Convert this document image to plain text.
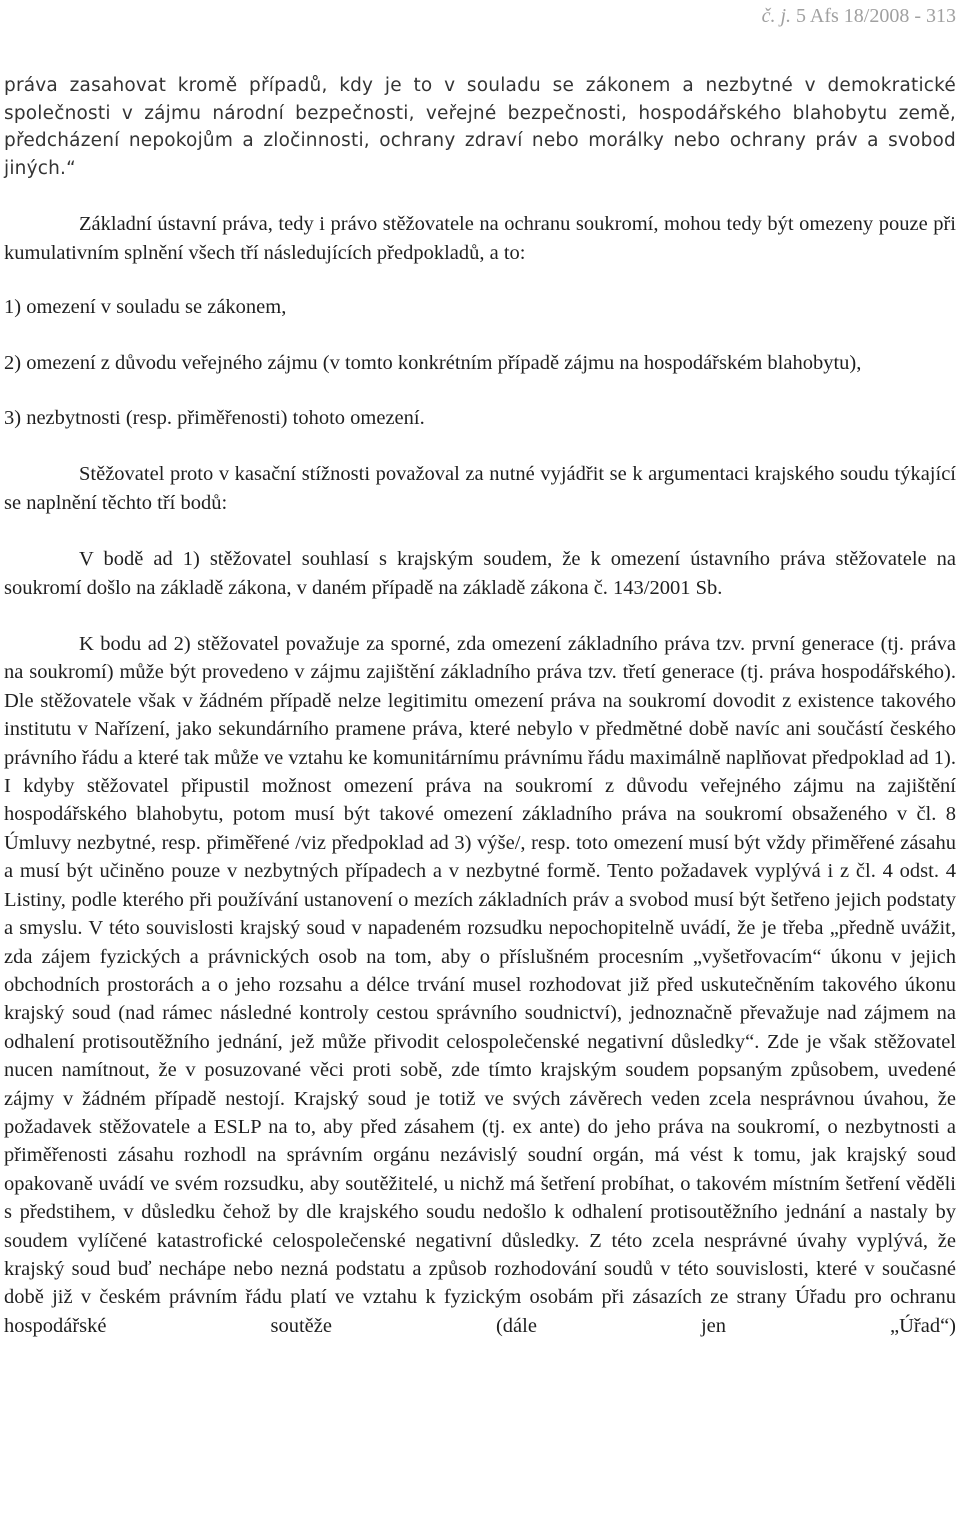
č. j. 5 Afs 18/2008 - 313

práva zasahovat kromě případů, kdy je to v souladu se zákonem a nezbytné v demokratické společnosti v zájmu národní bezpečnosti, veřejné bezpečnosti, hospodářského blahobytu země, předcházení nepokojům a zločinnosti, ochrany zdraví nebo morálky nebo ochrany práv a svobod jiných.“

Základní ústavní práva, tedy i právo stěžovatele na ochranu soukromí, mohou tedy být omezeny pouze při kumulativním splnění všech tří následujících předpokladů, a to:

1) omezení v souladu se zákonem,

2) omezení z důvodu veřejného zájmu (v tomto konkrétním případě zájmu na hospodářském blahobytu),

3) nezbytnosti (resp. přiměřenosti) tohoto omezení.

Stěžovatel proto v kasační stížnosti považoval za nutné vyjádřit se k argumentaci krajského soudu týkající se naplnění těchto tří bodů:

V bodě ad 1) stěžovatel souhlasí s krajským soudem, že k omezení ústavního práva stěžovatele na soukromí došlo na základě zákona, v daném případě na základě zákona č. 143/2001 Sb.

K bodu ad 2) stěžovatel považuje za sporné, zda omezení základního práva tzv. první generace (tj. práva na soukromí) může být provedeno v zájmu zajištění základního práva tzv. třetí generace (tj. práva hospodářského). Dle stěžovatele však v žádném případě nelze legitimitu omezení práva na soukromí dovodit z existence takového institutu v Nařízení, jako sekundárního pramene práva, které nebylo v předmětné době navíc ani součástí českého právního řádu a které tak může ve vztahu ke komunitárnímu právnímu řádu maximálně naplňovat předpoklad ad 1). I kdyby stěžovatel připustil možnost omezení práva na soukromí z důvodu veřejného zájmu na zajištění hospodářského blahobytu, potom musí být takové omezení základního práva na soukromí obsaženého v čl. 8 Úmluvy nezbytné, resp. přiměřené /viz předpoklad ad 3) výše/, resp. toto omezení musí být vždy přiměřené zásahu a musí být učiněno pouze v nezbytných případech a v nezbytné formě. Tento požadavek vyplývá i z čl. 4 odst. 4 Listiny, podle kterého při používání ustanovení o mezích základních práv a svobod musí být šetřeno jejich podstaty a smyslu. V této souvislosti krajský soud v napadeném rozsudku nepochopitelně uvádí, že je třeba „předně uvážit, zda zájem fyzických a právnických osob na tom, aby o příslušném procesním „vyšetřovacím“ úkonu v jejich obchodních prostorách a o jeho rozsahu a délce trvání musel rozhodovat již před uskutečněním takového úkonu krajský soud (nad rámec následné kontroly cestou správního soudnictví), jednoznačně převažuje nad zájmem na odhalení protisoutěžního jednání, jež může přivodit celospolečenské negativní důsledky“. Zde je však stěžovatel nucen namítnout, že v posuzované věci proti sobě, zde tímto krajským soudem popsaným způsobem, uvedené zájmy v žádném případě nestojí. Krajský soud je totiž ve svých závěrech veden zcela nesprávnou úvahou, že požadavek stěžovatele a ESLP na to, aby před zásahem (tj. ex ante) do jeho práva na soukromí, o nezbytnosti a přiměřenosti zásahu rozhodl na správním orgánu nezávislý soudní orgán, má vést k tomu, jak krajský soud opakovaně uvádí ve svém rozsudku, aby soutěžitelé, u nichž má šetření probíhat, o takovém místním šetření věděli s předstihem, v důsledku čehož by dle krajského soudu nedošlo k odhalení protisoutěžního jednání a nastaly by soudem vylíčené katastrofické celospolečenské negativní důsledky. Z této zcela nesprávné úvahy vyplývá, že krajský soud buď nechápe nebo nezná podstatu a způsob rozhodování soudů v této souvislosti, které v současné době již v českém právním řádu platí ve vztahu k fyzickým osobám při zásazích ze strany Úřadu pro ochranu hospodářské soutěže (dále jen „Úřad“)
